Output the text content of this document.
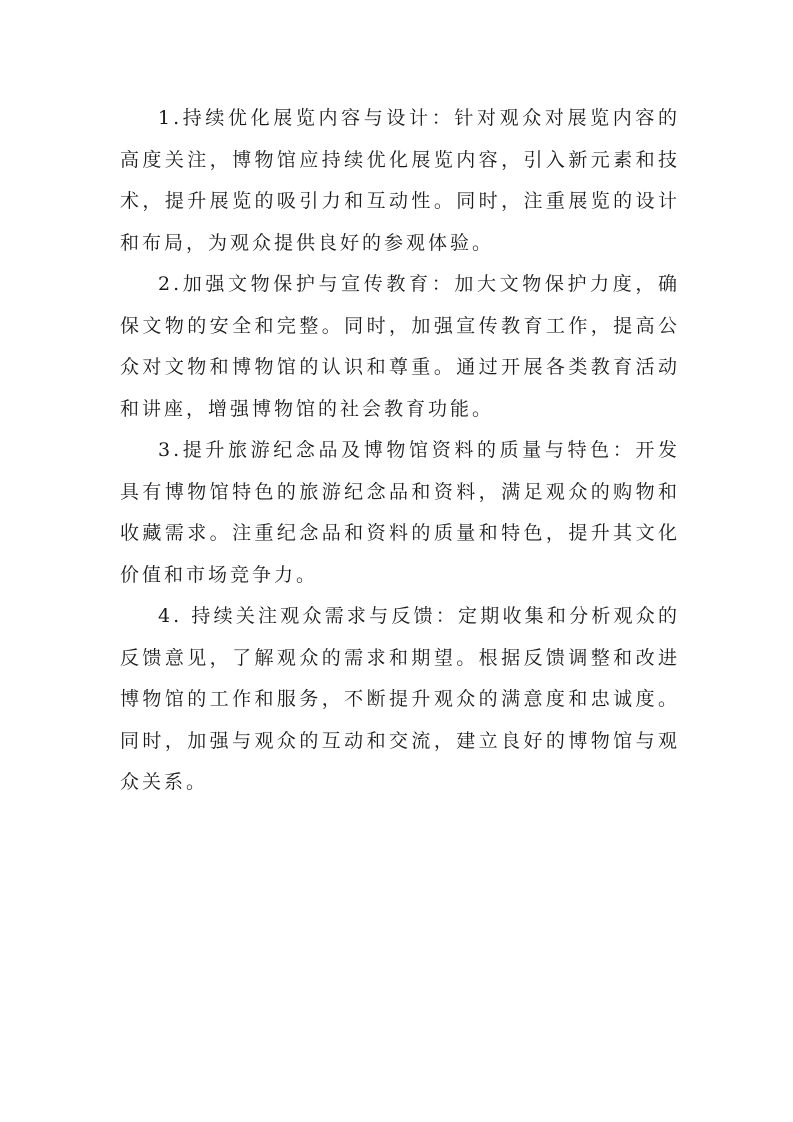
1.持续优化展览内容与设计：针对观众对展览内容的高度关注，博物馆应持续优化展览内容，引入新元素和技术，提升展览的吸引力和互动性。同时，注重展览的设计和布局，为观众提供良好的参观体验。

2.加强文物保护与宣传教育：加大文物保护力度，确保文物的安全和完整。同时，加强宣传教育工作，提高公众对文物和博物馆的认识和尊重。通过开展各类教育活动和讲座，增强博物馆的社会教育功能。

3.提升旅游纪念品及博物馆资料的质量与特色：开发具有博物馆特色的旅游纪念品和资料，满足观众的购物和收藏需求。注重纪念品和资料的质量和特色，提升其文化价值和市场竞争力。

4. 持续关注观众需求与反馈：定期收集和分析观众的反馈意见，了解观众的需求和期望。根据反馈调整和改进博物馆的工作和服务，不断提升观众的满意度和忠诚度。同时，加强与观众的互动和交流，建立良好的博物馆与观众关系。
